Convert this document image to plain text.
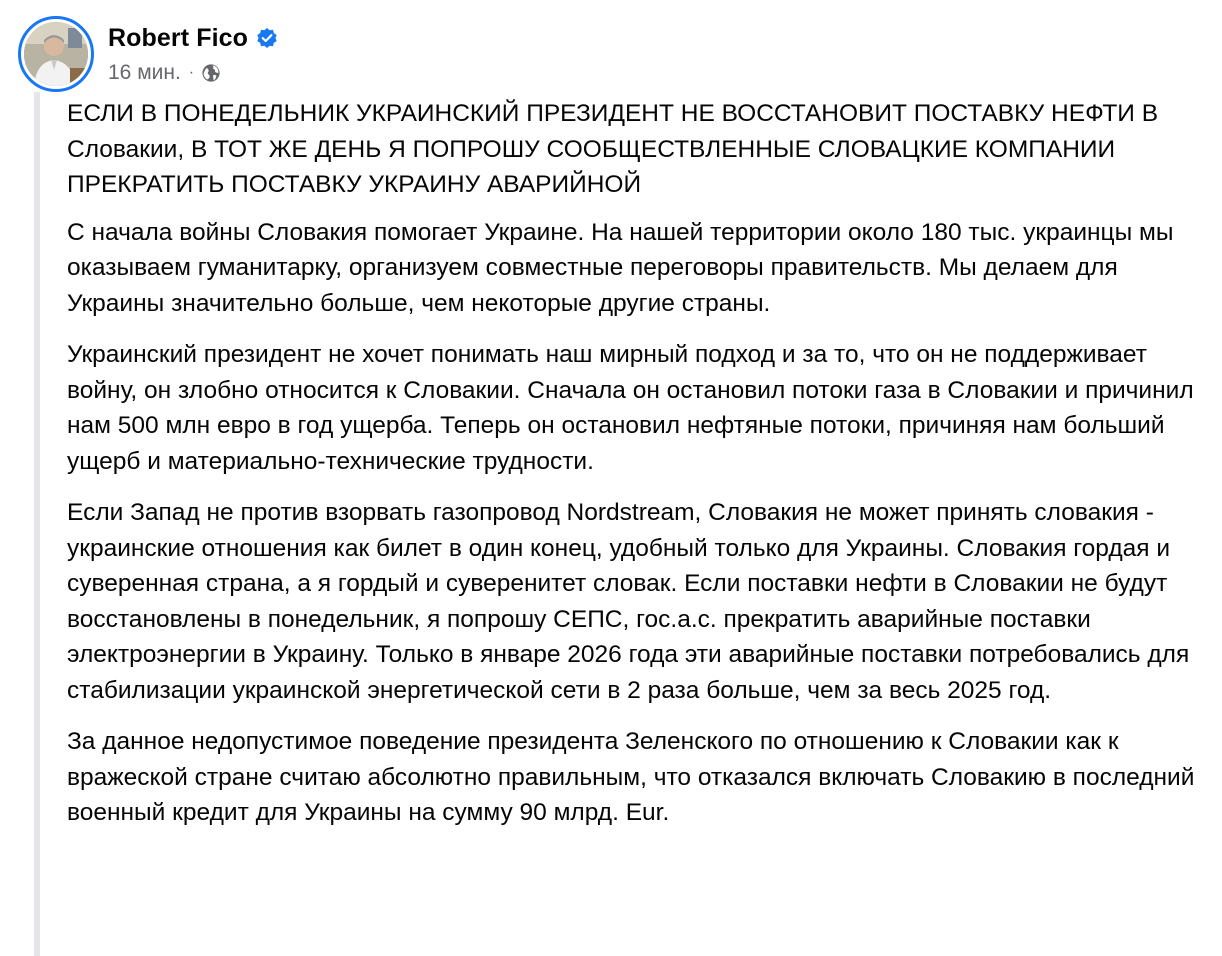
Robert Fico
16 мин. ·

ЕСЛИ В ПОНЕДЕЛЬНИК УКРАИНСКИЙ ПРЕЗИДЕНТ НЕ ВОССТАНОВИТ ПОСТАВКУ НЕФТИ В Словакии, В ТОТ ЖЕ ДЕНЬ Я ПОПРОШУ СООБЩЕСТВЛЕННЫЕ СЛОВАЦКИЕ КОМПАНИИ ПРЕКРАТИТЬ ПОСТАВКУ УКРАИНУ АВАРИЙНОЙ

С начала войны Словакия помогает Украине. На нашей территории около 180 тыс. украинцы мы оказываем гуманитарку, организуем совместные переговоры правительств. Мы делаем для Украины значительно больше, чем некоторые другие страны.

Украинский президент не хочет понимать наш мирный подход и за то, что он не поддерживает войну, он злобно относится к Словакии. Сначала он остановил потоки газа в Словакии и причинил нам 500 млн евро в год ущерба. Теперь он остановил нефтяные потоки, причиняя нам больший ущерб и материально-технические трудности.

Если Запад не против взорвать газопровод Nordstream, Словакия не может принять словакия - украинские отношения как билет в один конец, удобный только для Украины. Словакия гордая и суверенная страна, а я гордый и суверенитет словак. Если поставки нефти в Словакии не будут восстановлены в понедельник, я попрошу СЕПС, гос.а.с. прекратить аварийные поставки электроэнергии в Украину. Только в январе 2026 года эти аварийные поставки потребовались для стабилизации украинской энергетической сети в 2 раза больше, чем за весь 2025 год.

За данное недопустимое поведение президента Зеленского по отношению к Словакии как к вражеской стране считаю абсолютно правильным, что отказался включать Словакию в последний военный кредит для Украины на сумму 90 млрд. Eur.
